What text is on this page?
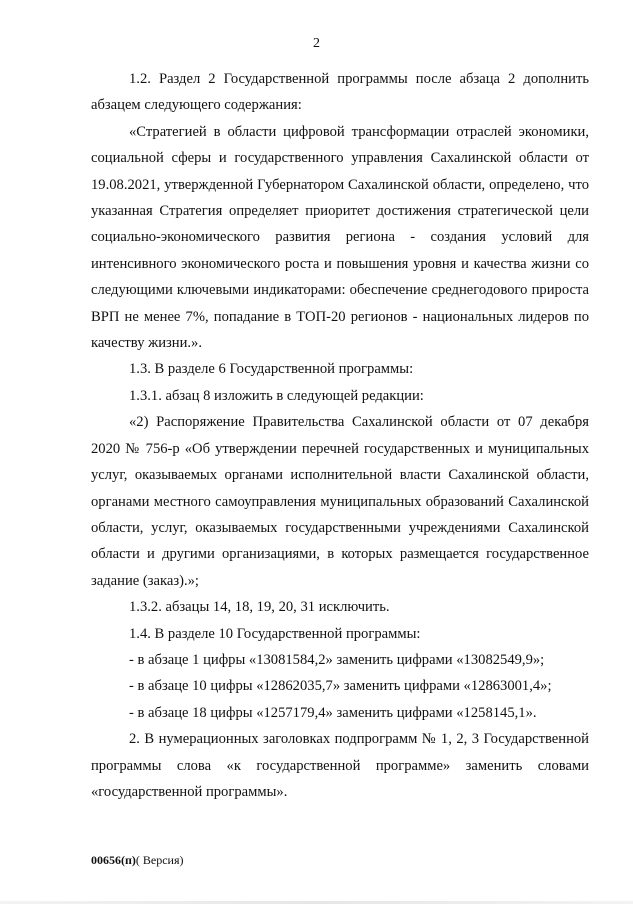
2

1.2. Раздел 2 Государственной программы после абзаца 2 дополнить абзацем следующего содержания:

«Стратегией в области цифровой трансформации отраслей экономики, социальной сферы и государственного управления Сахалинской области от 19.08.2021, утвержденной Губернатором Сахалинской области, определено, что указанная Стратегия определяет приоритет достижения стратегической цели социально-экономического развития региона - создания условий для интенсивного экономического роста и повышения уровня и качества жизни со следующими ключевыми индикаторами: обеспечение среднегодового прироста ВРП не менее 7%, попадание в ТОП-20 регионов - национальных лидеров по качеству жизни.».

1.3. В разделе 6 Государственной программы:

1.3.1. абзац 8 изложить в следующей редакции:

«2) Распоряжение Правительства Сахалинской области от 07 декабря 2020 № 756-р «Об утверждении перечней государственных и муниципальных услуг, оказываемых органами исполнительной власти Сахалинской области, органами местного самоуправления муниципальных образований Сахалинской области, услуг, оказываемых государственными учреждениями Сахалинской области и другими организациями, в которых размещается государственное задание (заказ).»;

1.3.2. абзацы 14, 18, 19, 20, 31 исключить.

1.4. В разделе 10 Государственной программы:

- в абзаце 1 цифры «13081584,2» заменить цифрами «13082549,9»;

- в абзаце 10 цифры «12862035,7» заменить цифрами «12863001,4»;

- в абзаце 18 цифры «1257179,4» заменить цифрами «1258145,1».

2. В нумерационных заголовках подпрограмм № 1, 2, 3 Государственной программы слова «к государственной программе» заменить словами «государственной программы».

00656(п)( Версия)
